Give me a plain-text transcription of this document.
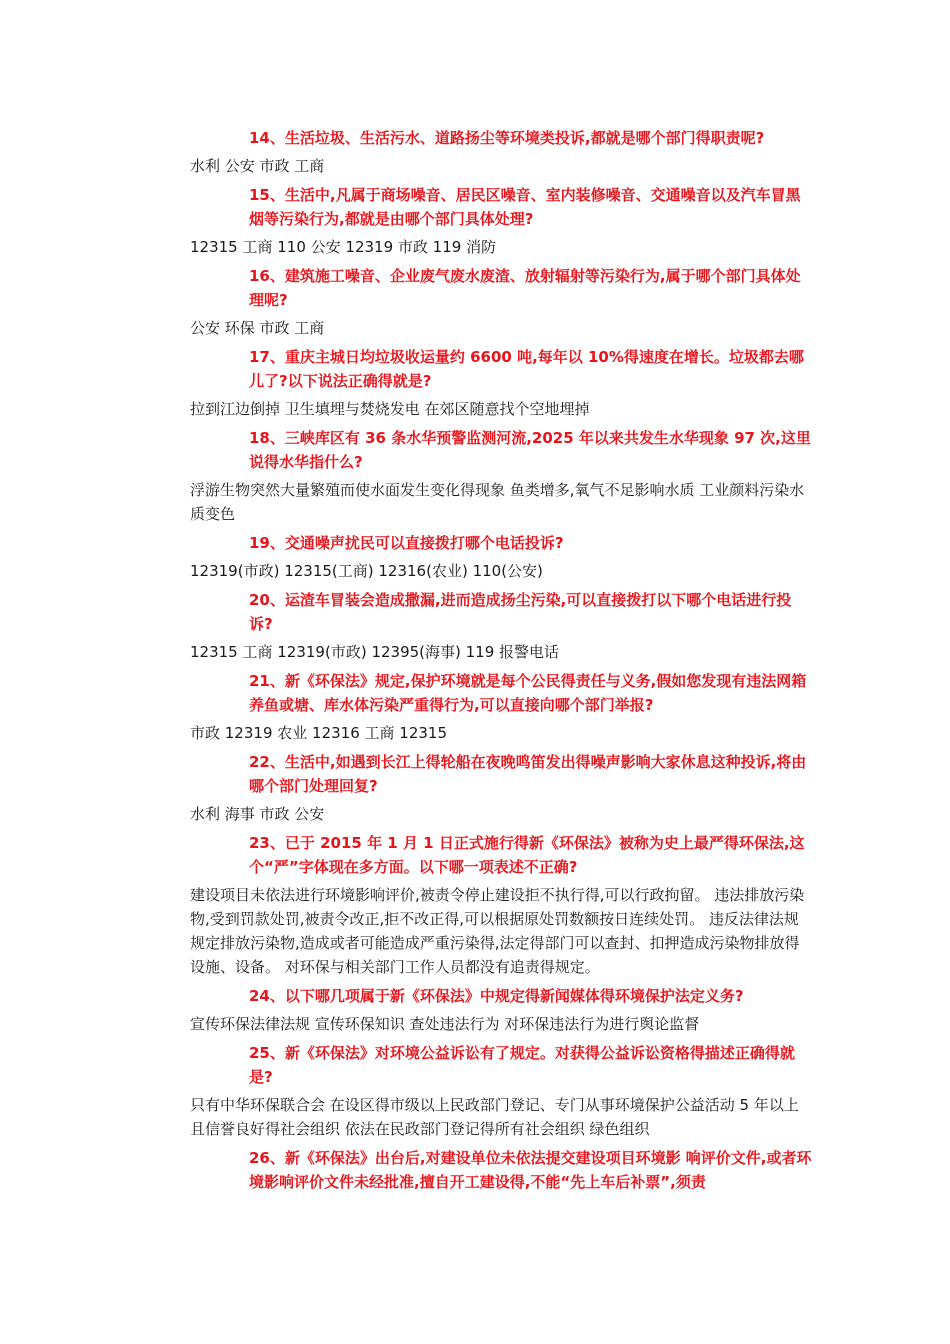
14、生活垃圾、生活污水、道路扬尘等环境类投诉,都就是哪个部门得职责呢?

水利 公安 市政 工商

15、生活中,凡属于商场噪音、居民区噪音、室内装修噪音、交通噪音以及汽车冒黑烟等污染行为,都就是由哪个部门具体处理?

12315 工商 110 公安 12319 市政 119 消防

16、建筑施工噪音、企业废气废水废渣、放射辐射等污染行为,属于哪个部门具体处理呢?

公安 环保 市政 工商

17、重庆主城日均垃圾收运量约 6600 吨,每年以 10%得速度在增长。垃圾都去哪儿了?以下说法正确得就是?

拉到江边倒掉 卫生填埋与焚烧发电 在郊区随意找个空地埋掉

18、三峡库区有 36 条水华预警监测河流,2025 年以来共发生水华现象 97 次,这里说得水华指什么?

浮游生物突然大量繁殖而使水面发生变化得现象 鱼类增多,氧气不足影响水质 工业颜料污染水质变色

19、交通噪声扰民可以直接拨打哪个电话投诉?

12319(市政) 12315(工商) 12316(农业) 110(公安)

20、运渣车冒装会造成撒漏,进而造成扬尘污染,可以直接拨打以下哪个电话进行投诉?

12315 工商 12319(市政) 12395(海事) 119 报警电话

21、新《环保法》规定,保护环境就是每个公民得责任与义务,假如您发现有违法网箱养鱼或塘、库水体污染严重得行为,可以直接向哪个部门举报?

市政 12319 农业 12316 工商 12315

22、生活中,如遇到长江上得轮船在夜晚鸣笛发出得噪声影响大家休息这种投诉,将由哪个部门处理回复?

水利 海事 市政 公安

23、已于 2015 年 1 月 1 日正式施行得新《环保法》被称为史上最严得环保法,这个“严”字体现在多方面。以下哪一项表述不正确?

建设项目未依法进行环境影响评价,被责令停止建设拒不执行得,可以行政拘留。 违法排放污染物,受到罚款处罚,被责令改正,拒不改正得,可以根据原处罚数额按日连续处罚。 违反法律法规规定排放污染物,造成或者可能造成严重污染得,法定得部门可以查封、扣押造成污染物排放得设施、设备。 对环保与相关部门工作人员都没有追责得规定。

24、以下哪几项属于新《环保法》中规定得新闻媒体得环境保护法定义务?

宣传环保法律法规 宣传环保知识 查处违法行为 对环保违法行为进行舆论监督

25、新《环保法》对环境公益诉讼有了规定。对获得公益诉讼资格得描述正确得就是?

只有中华环保联合会 在设区得市级以上民政部门登记、专门从事环境保护公益活动 5 年以上且信誉良好得社会组织 依法在民政部门登记得所有社会组织 绿色组织

26、新《环保法》出台后,对建设单位未依法提交建设项目环境影 响评价文件,或者环境影响评价文件未经批准,擅自开工建设得,不能“先上车后补票”,须责
